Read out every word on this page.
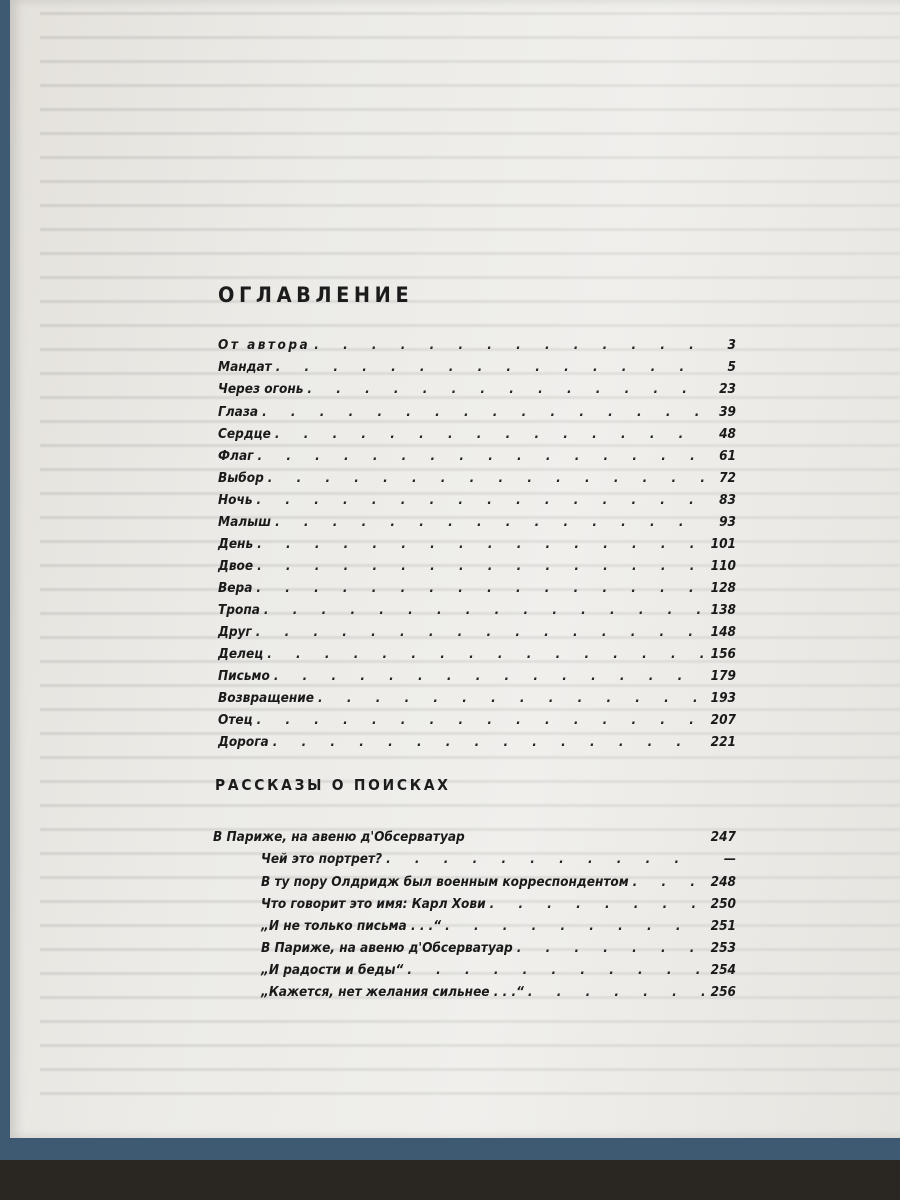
ОГЛАВЛЕНИЕ
От автора . . .	3
Мандат . . .	5
Через огонь . . .	23
Глаза . . .	39
Сердце . . .	48
Флаг . . .	61
Выбор . . .	72
Ночь . . .	83
Малыш . . .	93
День . . .	101
Двое . . .	110
Вера . . .	128
Тропа . . .	138
Друг . . .	148
Делец . . .	156
Письмо . . .	179
Возвращение . . .	193
Отец . . .	207
Дорога . . .	221
РАССКАЗЫ О ПОИСКАХ
В Париже, на авеню д'Обсерватуар	247
Чей это портрет? . . .	—
В ту пору Олдридж был военным корреспондентом . . .	248
Что говорит это имя: Карл Хови . . .	250
„И не только письма . . .“ . . .	251
В Париже, на авеню д'Обсерватуар . . .	253
„И радости и беды“ . . .	254
„Кажется, нет желания сильнее . . .“ . . .	256
